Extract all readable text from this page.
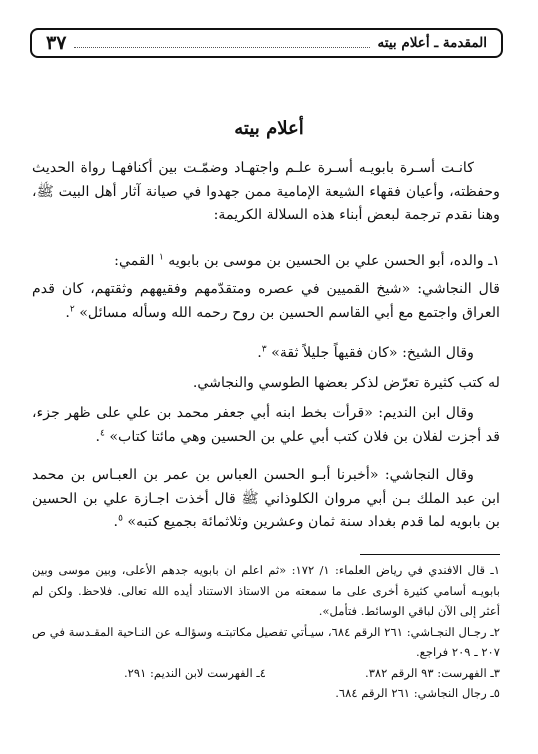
المقدمة ـ أعلام بيته
٣٧
أعلام بيته

كانـت أسـرة بابويـه أسـرة علـم واجتهـاد وضمّـت بين أكنافهـا رواة الحديث وحفظته، وأعيان فقهاء الشيعة الإمامية ممن جهدوا في صيانة آثار أهل البيت ﷺ، وهنا نقدم ترجمة لبعض أبناء هذه السلالة الكريمة:

١ـ والده، أبو الحسن علي بن الحسين بن موسى بن بابويه $^١$ القمي:

قال النجاشي: «شيخ القميين في عصره ومتقدّمهم وفقيههم وثقتهم، كان قدم العراق واجتمع مع أبي القاسم الحسين بن روح رحمه الله وسأله مسائل» $^٢$.

وقال الشيخ: «كان فقيهاً جليلاً ثقة» $^٣$.

له كتب كثيرة تعرّض لذكر بعضها الطوسي والنجاشي.

وقال ابن النديم: «قرأت بخط ابنه أبي جعفر محمد بن علي على ظهر جزء، قد أجزت لفلان بن فلان كتب أبي علي بن الحسين وهي مائتا كتاب» $^٤$.

وقال النجاشي: «أخبرنا أبـو الحسن العباس بن عمر بن العبـاس بن محمد ابن عبد الملك بـن أبي مروان الكلوذاني ﷺ قال أخذت اجـازة علي بن الحسين بن بابويه لما قدم بغداد سنة ثمان وعشرين وثلاثمائة بجميع كتبه» $^٥$.

١ـ قال الافندي في رياض العلماء: ١/ ١٧٢: «ثم اعلم ان بابويه جدهم الأعلى، وبين موسى وبين بابويـه أسامي كثيرة أخرى على ما سمعته من الاستاذ الاستناد أيده الله تعالى. فلاحظ. ولكن لم أعثر إلى الآن لباقي الوسائط. فتأمل».

٢ـ رجـال النجـاشي: ٢٦١ الرقم ٦٨٤، سيـأتي تفصيل مكاتبتـه وسؤالـه عن النـاحية المقـدسة في ص ٢٠٧ ـ ٢٠٩ فراجع.

٣ـ الفهرست: ٩٣ الرقم ٣٨٢.
٤ـ الفهرست لابن النديم: ٢٩١.

٥ـ رجال النجاشي: ٢٦١ الرقم ٦٨٤.
